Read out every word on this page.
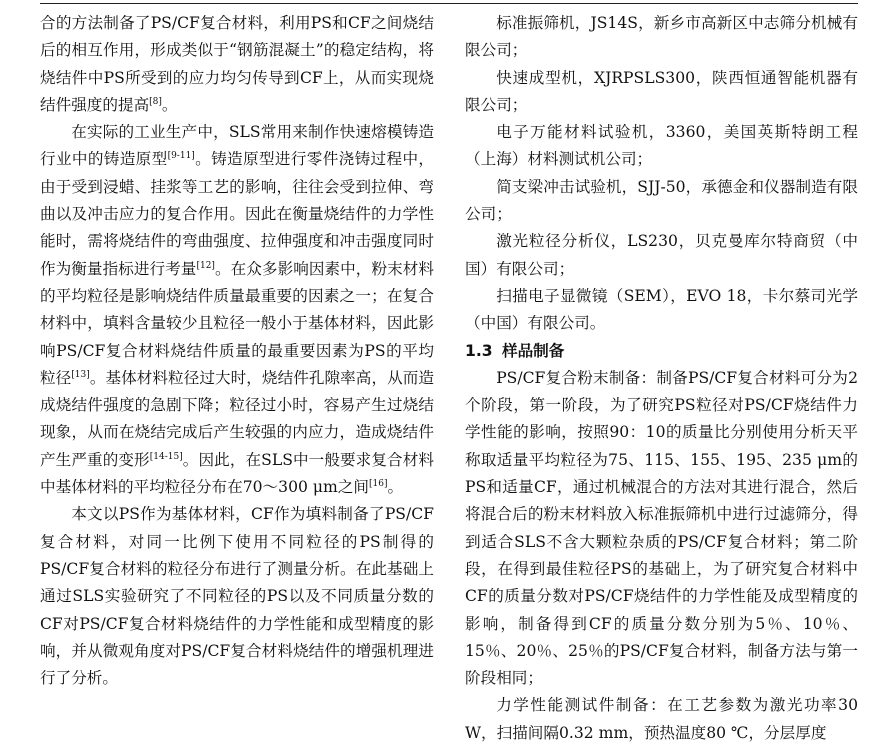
合的方法制备了PS/CF复合材料，利用PS和CF之间烧结后的相互作用，形成类似于“钢筋混凝土”的稳定结构，将烧结件中PS所受到的应力均匀传导到CF上，从而实现烧结件强度的提高[8]。

在实际的工业生产中，SLS常用来制作快速熔模铸造行业中的铸造原型[9-11]。铸造原型进行零件浇铸过程中，由于受到浸蜡、挂浆等工艺的影响，往往会受到拉伸、弯曲以及冲击应力的复合作用。因此在衡量烧结件的力学性能时，需将烧结件的弯曲强度、拉伸强度和冲击强度同时作为衡量指标进行考量[12]。在众多影响因素中，粉末材料的平均粒径是影响烧结件质量最重要的因素之一；在复合材料中，填料含量较少且粒径一般小于基体材料，因此影响PS/CF复合材料烧结件质量的最重要因素为PS的平均粒径[13]。基体材料粒径过大时，烧结件孔隙率高，从而造成烧结件强度的急剧下降；粒径过小时，容易产生过烧结现象，从而在烧结完成后产生较强的内应力，造成烧结件产生严重的变形[14-15]。因此，在SLS中一般要求复合材料中基体材料的平均粒径分布在70～300 μm之间[16]。

本文以PS作为基体材料，CF作为填料制备了PS/CF复合材料，对同一比例下使用不同粒径的PS制得的PS/CF复合材料的粒径分布进行了测量分析。在此基础上通过SLS实验研究了不同粒径的PS以及不同质量分数的CF对PS/CF复合材料烧结件的力学性能和成型精度的影响，并从微观角度对PS/CF复合材料烧结件的增强机理进行了分析。

标准振筛机，JS14S，新乡市高新区中志筛分机械有限公司；

快速成型机，XJRPSLS300，陕西恒通智能机器有限公司；

电子万能材料试验机，3360，美国英斯特朗工程（上海）材料测试机公司；

简支梁冲击试验机，SJJ-50，承德金和仪器制造有限公司；

激光粒径分析仪，LS230，贝克曼库尔特商贸（中国）有限公司；

扫描电子显微镜（SEM），EVO 18，卡尔蔡司光学（中国）有限公司。

1.3 样品制备

PS/CF复合粉末制备：制备PS/CF复合材料可分为2个阶段，第一阶段，为了研究PS粒径对PS/CF烧结件力学性能的影响，按照90：10的质量比分别使用分析天平称取适量平均粒径为75、115、155、195、235 μm的PS和适量CF，通过机械混合的方法对其进行混合，然后将混合后的粉末材料放入标准振筛机中进行过滤筛分，得到适合SLS不含大颗粒杂质的PS/CF复合材料；第二阶段，在得到最佳粒径PS的基础上，为了研究复合材料中CF的质量分数对PS/CF烧结件的力学性能及成型精度的影响，制备得到CF的质量分数分别为5％、10％、15％、20％、25％的PS/CF复合材料，制备方法与第一阶段相同；

力学性能测试件制备：在工艺参数为激光功率30 W，扫描间隔0.32 mm，预热温度80 ℃，分层厚度
